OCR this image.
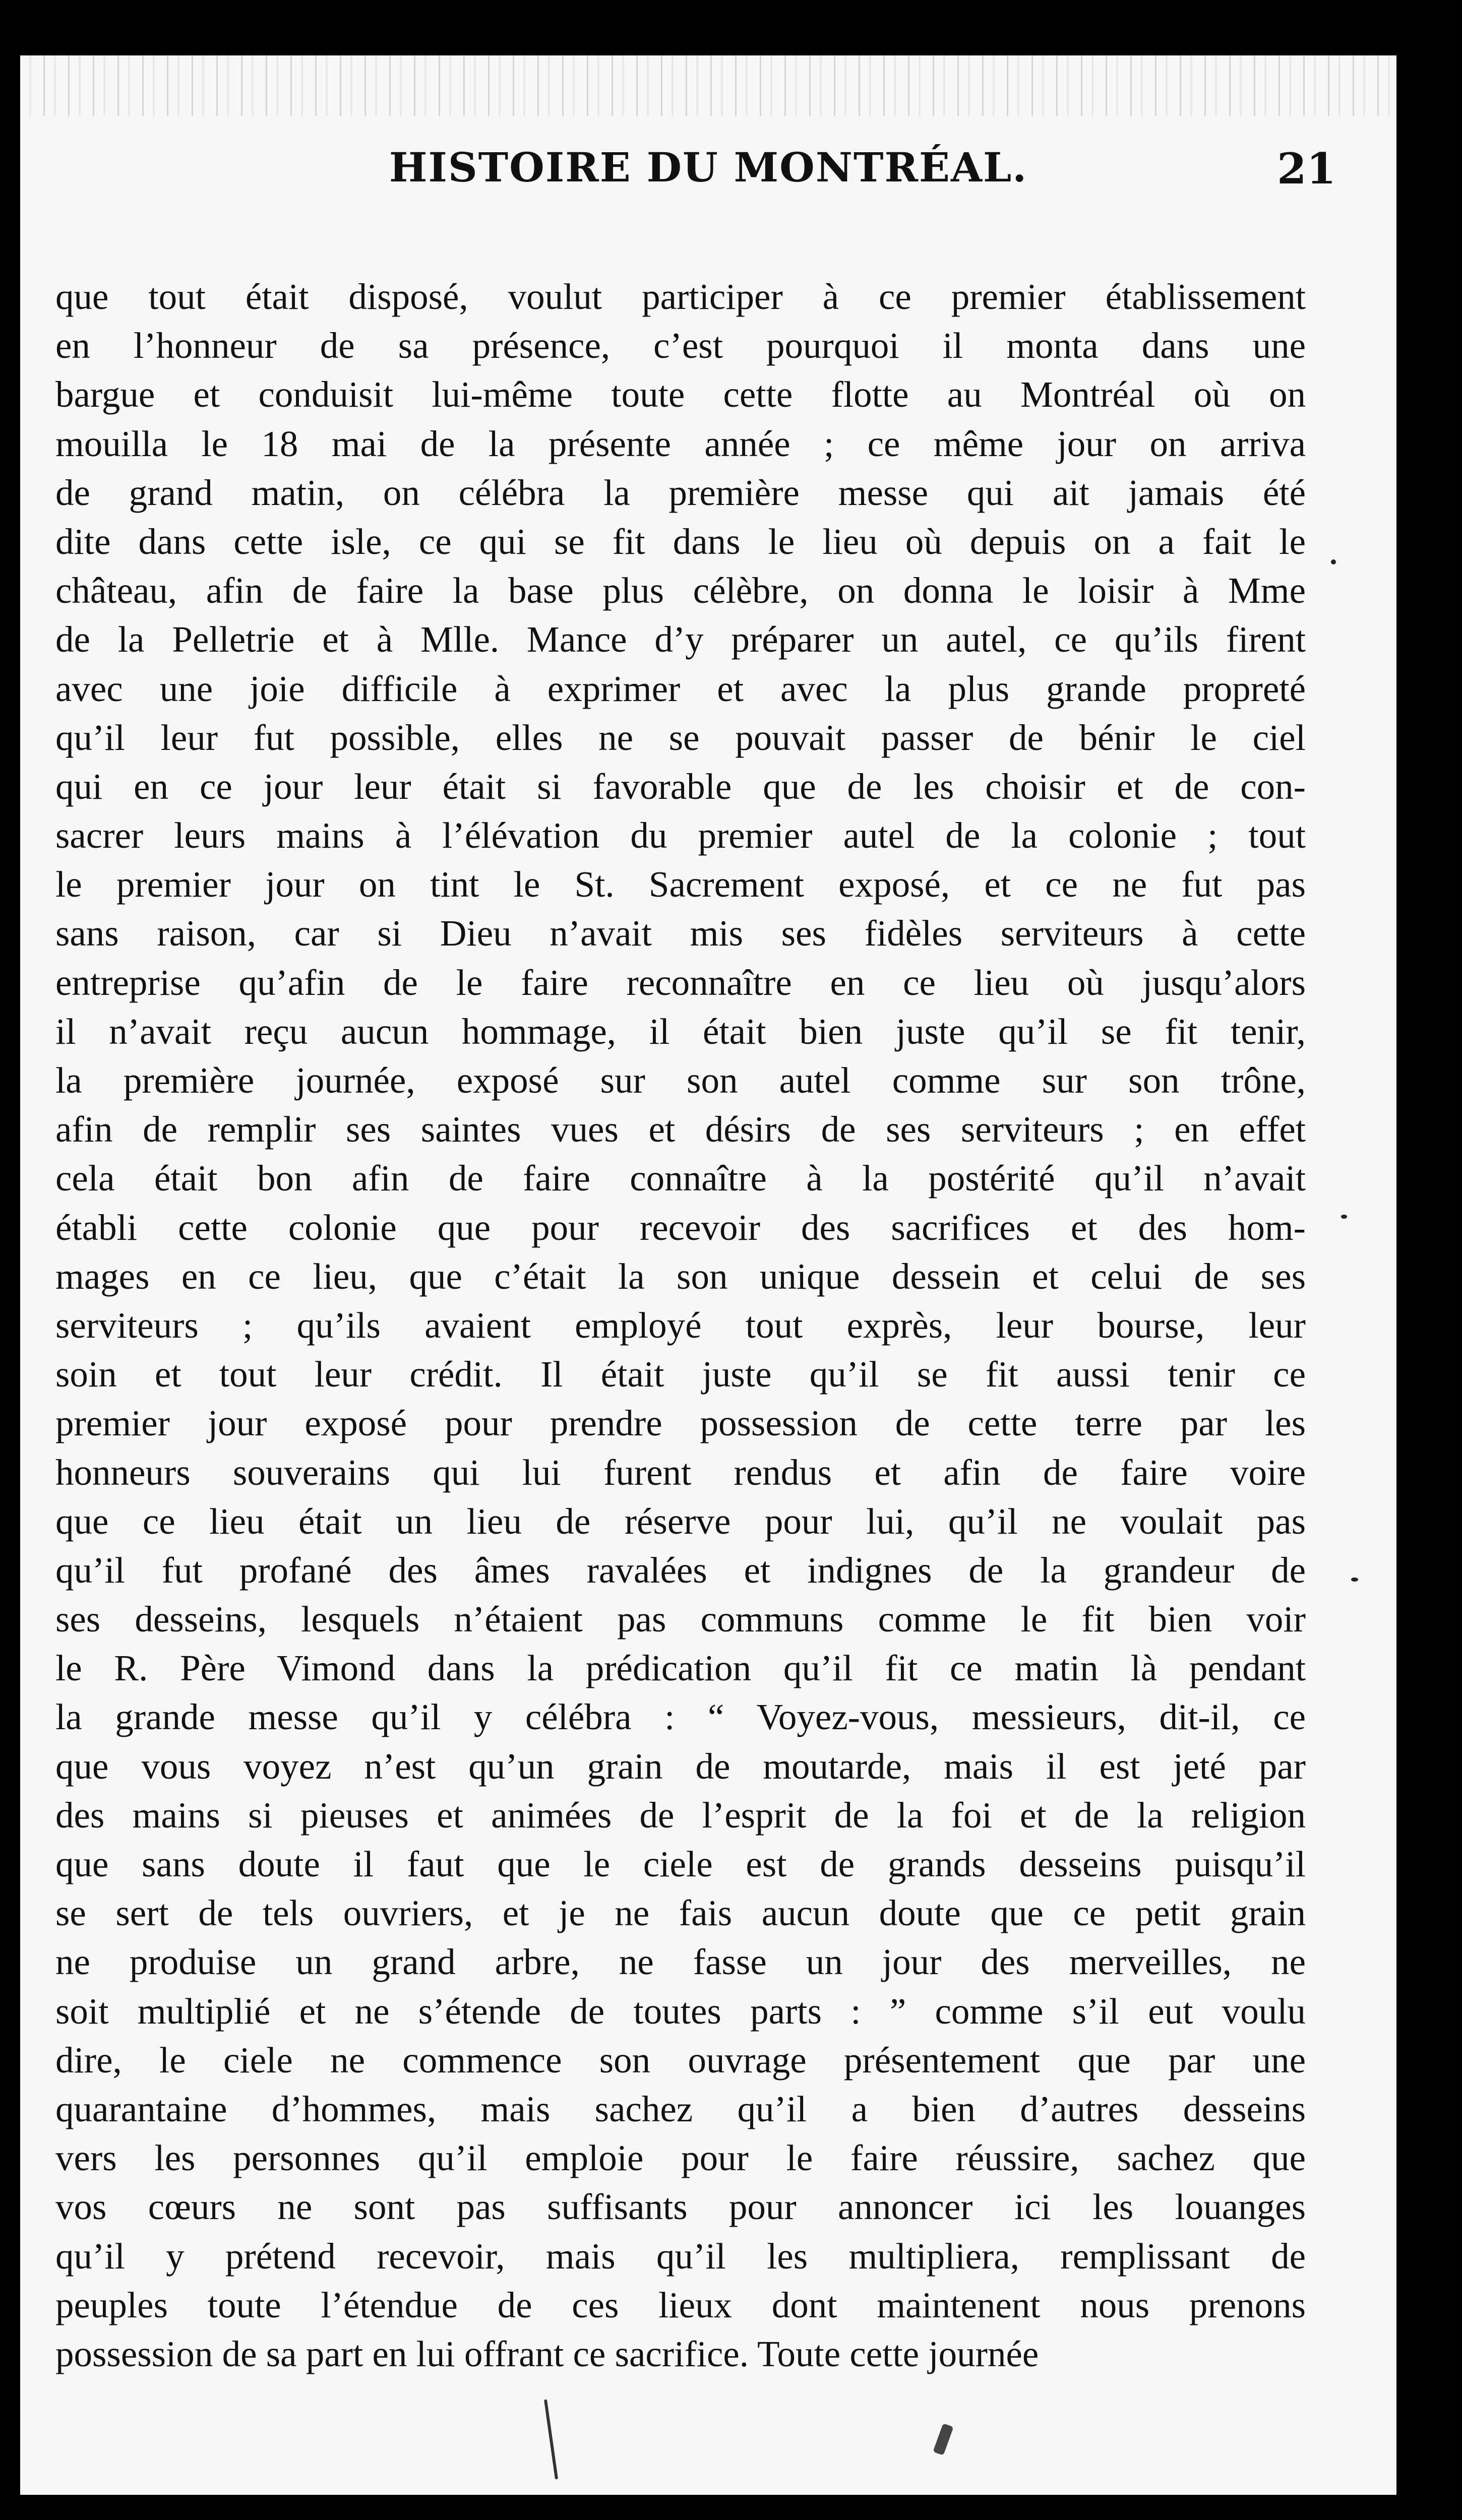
HISTOIRE DU MONTRÉAL.	21
que tout était disposé, voulut participer à ce premier établissement
en l’honneur de sa présence, c’est pourquoi il monta dans une
bargue et conduisit lui-même toute cette flotte au Montréal où on
mouilla le 18 mai de la présente année ; ce même jour on arriva
de grand matin, on célébra la première messe qui ait jamais été
dite dans cette isle, ce qui se fit dans le lieu où depuis on a fait le
château, afin de faire la base plus célèbre, on donna le loisir à Mme
de la Pelletrie et à Mlle. Mance d’y préparer un autel, ce qu’ils firent
avec une joie difficile à exprimer et avec la plus grande propreté
qu’il leur fut possible, elles ne se pouvait passer de bénir le ciel
qui en ce jour leur était si favorable que de les choisir et de con-
sacrer leurs mains à l’élévation du premier autel de la colonie ; tout
le premier jour on tint le St. Sacrement exposé, et ce ne fut pas
sans raison, car si Dieu n’avait mis ses fidèles serviteurs à cette
entreprise qu’afin de le faire reconnaître en ce lieu où jusqu’alors
il n’avait reçu aucun hommage, il était bien juste qu’il se fit tenir,
la première journée, exposé sur son autel comme sur son trône,
afin de remplir ses saintes vues et désirs de ses serviteurs ; en effet
cela était bon afin de faire connaître à la postérité qu’il n’avait
établi cette colonie que pour recevoir des sacrifices et des hom-
mages en ce lieu, que c’était la son unique dessein et celui de ses
serviteurs ; qu’ils avaient employé tout exprès, leur bourse, leur
soin et tout leur crédit. Il était juste qu’il se fit aussi tenir ce
premier jour exposé pour prendre possession de cette terre par les
honneurs souverains qui lui furent rendus et afin de faire voire
que ce lieu était un lieu de réserve pour lui, qu’il ne voulait pas
qu’il fut profané des âmes ravalées et indignes de la grandeur de
ses desseins, lesquels n’étaient pas communs comme le fit bien voir
le R. Père Vimond dans la prédication qu’il fit ce matin là pendant
la grande messe qu’il y célébra : “ Voyez-vous, messieurs, dit-il, ce
que vous voyez n’est qu’un grain de moutarde, mais il est jeté par
des mains si pieuses et animées de l’esprit de la foi et de la religion
que sans doute il faut que le ciele est de grands desseins puisqu’il
se sert de tels ouvriers, et je ne fais aucun doute que ce petit grain
ne produise un grand arbre, ne fasse un jour des merveilles, ne
soit multiplié et ne s’étende de toutes parts : ” comme s’il eut voulu
dire, le ciele ne commence son ouvrage présentement que par une
quarantaine d’hommes, mais sachez qu’il a bien d’autres desseins
vers les personnes qu’il emploie pour le faire réussire, sachez que
vos cœurs ne sont pas suffisants pour annoncer ici les louanges
qu’il y prétend recevoir, mais qu’il les multipliera, remplissant de
peuples toute l’étendue de ces lieux dont maintenent nous prenons
possession de sa part en lui offrant ce sacrifice. Toute cette journée
